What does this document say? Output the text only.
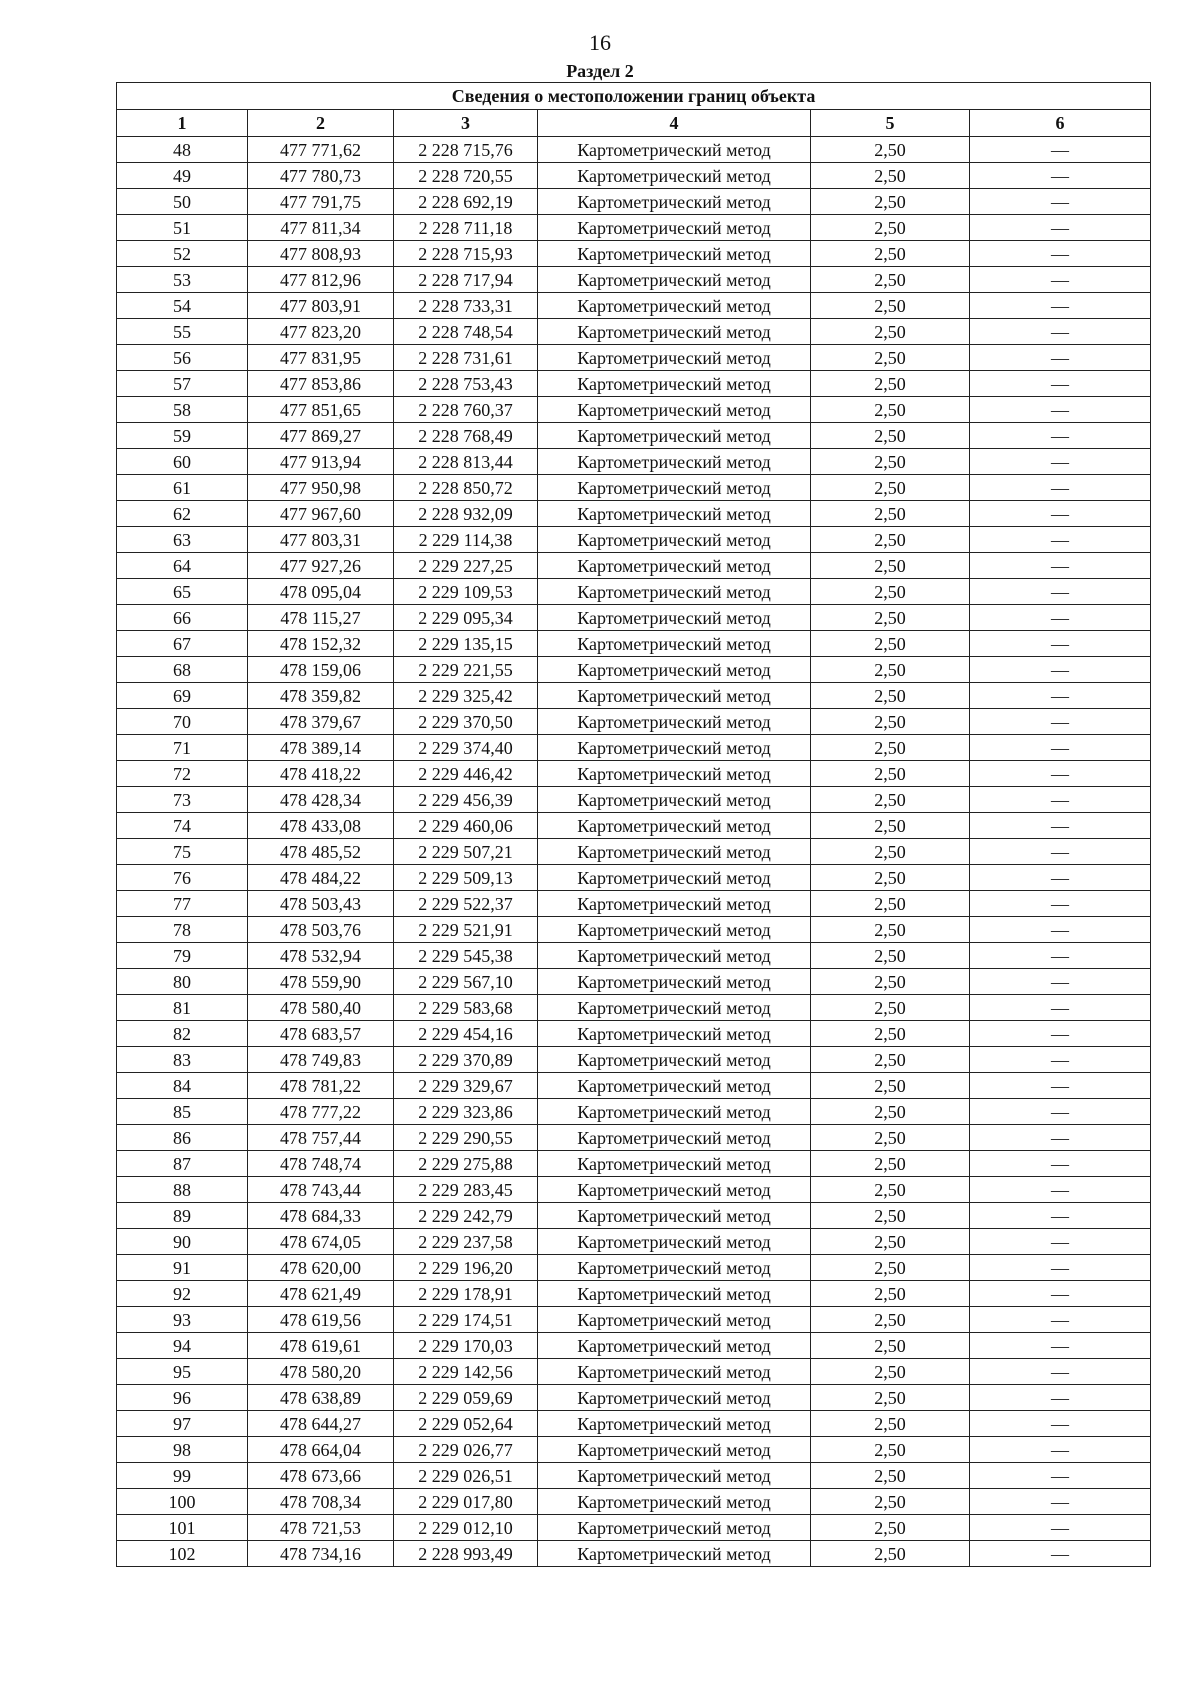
16
Раздел 2
Сведения о местоположении границ объекта					
1	2	3	4	5	6
48	477 771,62	2 228 715,76	Картометрический метод	2,50	—
49	477 780,73	2 228 720,55	Картометрический метод	2,50	—
50	477 791,75	2 228 692,19	Картометрический метод	2,50	—
51	477 811,34	2 228 711,18	Картометрический метод	2,50	—
52	477 808,93	2 228 715,93	Картометрический метод	2,50	—
53	477 812,96	2 228 717,94	Картометрический метод	2,50	—
54	477 803,91	2 228 733,31	Картометрический метод	2,50	—
55	477 823,20	2 228 748,54	Картометрический метод	2,50	—
56	477 831,95	2 228 731,61	Картометрический метод	2,50	—
57	477 853,86	2 228 753,43	Картометрический метод	2,50	—
58	477 851,65	2 228 760,37	Картометрический метод	2,50	—
59	477 869,27	2 228 768,49	Картометрический метод	2,50	—
60	477 913,94	2 228 813,44	Картометрический метод	2,50	—
61	477 950,98	2 228 850,72	Картометрический метод	2,50	—
62	477 967,60	2 228 932,09	Картометрический метод	2,50	—
63	477 803,31	2 229 114,38	Картометрический метод	2,50	—
64	477 927,26	2 229 227,25	Картометрический метод	2,50	—
65	478 095,04	2 229 109,53	Картометрический метод	2,50	—
66	478 115,27	2 229 095,34	Картометрический метод	2,50	—
67	478 152,32	2 229 135,15	Картометрический метод	2,50	—
68	478 159,06	2 229 221,55	Картометрический метод	2,50	—
69	478 359,82	2 229 325,42	Картометрический метод	2,50	—
70	478 379,67	2 229 370,50	Картометрический метод	2,50	—
71	478 389,14	2 229 374,40	Картометрический метод	2,50	—
72	478 418,22	2 229 446,42	Картометрический метод	2,50	—
73	478 428,34	2 229 456,39	Картометрический метод	2,50	—
74	478 433,08	2 229 460,06	Картометрический метод	2,50	—
75	478 485,52	2 229 507,21	Картометрический метод	2,50	—
76	478 484,22	2 229 509,13	Картометрический метод	2,50	—
77	478 503,43	2 229 522,37	Картометрический метод	2,50	—
78	478 503,76	2 229 521,91	Картометрический метод	2,50	—
79	478 532,94	2 229 545,38	Картометрический метод	2,50	—
80	478 559,90	2 229 567,10	Картометрический метод	2,50	—
81	478 580,40	2 229 583,68	Картометрический метод	2,50	—
82	478 683,57	2 229 454,16	Картометрический метод	2,50	—
83	478 749,83	2 229 370,89	Картометрический метод	2,50	—
84	478 781,22	2 229 329,67	Картометрический метод	2,50	—
85	478 777,22	2 229 323,86	Картометрический метод	2,50	—
86	478 757,44	2 229 290,55	Картометрический метод	2,50	—
87	478 748,74	2 229 275,88	Картометрический метод	2,50	—
88	478 743,44	2 229 283,45	Картометрический метод	2,50	—
89	478 684,33	2 229 242,79	Картометрический метод	2,50	—
90	478 674,05	2 229 237,58	Картометрический метод	2,50	—
91	478 620,00	2 229 196,20	Картометрический метод	2,50	—
92	478 621,49	2 229 178,91	Картометрический метод	2,50	—
93	478 619,56	2 229 174,51	Картометрический метод	2,50	—
94	478 619,61	2 229 170,03	Картометрический метод	2,50	—
95	478 580,20	2 229 142,56	Картометрический метод	2,50	—
96	478 638,89	2 229 059,69	Картометрический метод	2,50	—
97	478 644,27	2 229 052,64	Картометрический метод	2,50	—
98	478 664,04	2 229 026,77	Картометрический метод	2,50	—
99	478 673,66	2 229 026,51	Картометрический метод	2,50	—
100	478 708,34	2 229 017,80	Картометрический метод	2,50	—
101	478 721,53	2 229 012,10	Картометрический метод	2,50	—
102	478 734,16	2 228 993,49	Картометрический метод	2,50	—
